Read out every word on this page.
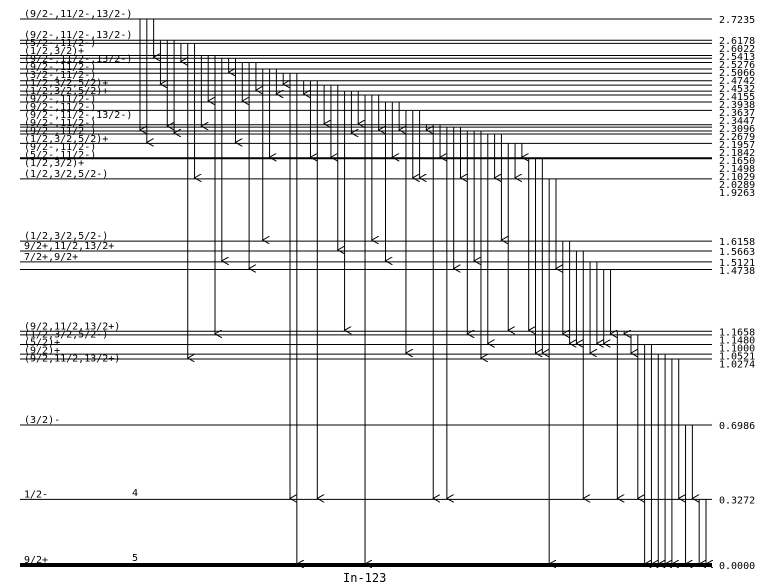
2.7235
(9/2-,11/2-,13/2-)
2.6178
(9/2-,11/2-,13/2-)
2.6022
(5/2-,11/2-)
2.5413
(1/2,3/2)+
2.5276
(9/2-,11/2-,13/2-)
2.5066
(9/2-,11/2-)
2.4742
(3/2-,11/2-)
2.4532
(1/2,3/2,5/2)+
2.4155
(1/2,3/2,5/2)+
2.3938
(9/2-,11/2-)
2.3637
(9/2-,11/2-)
2.3447
(9/2-,11/2-,13/2-)
2.3096
(9/2-,11/2-)
2.2679
2.1957
(9/2-,11/2-)
2.1842
(1/2,3/2,5/2)+
2.1650
(9/2-,11/2-)
2.1498
(5/2-,11/2-)
2.1029
2.0289
(1/2,3/2)+
1.9263
(1/2,3/2,5/2-)
1.6158
(1/2,3/2,5/2-)
1.5663
9/2+,11/2,13/2+
1.5121
7/2+,9/2+
1.4738
1.1658
(9/2,11/2,13/2+)
1.1480
(1/2,3/2,5/2-)
1.1000
(5/2)+
1.0521
(9/2)+
1.0274
(9/2,11/2,13/2+)
0.6986
(3/2)-
0.3272
1/2-
0.0000
9/2+
4
5
In-123
